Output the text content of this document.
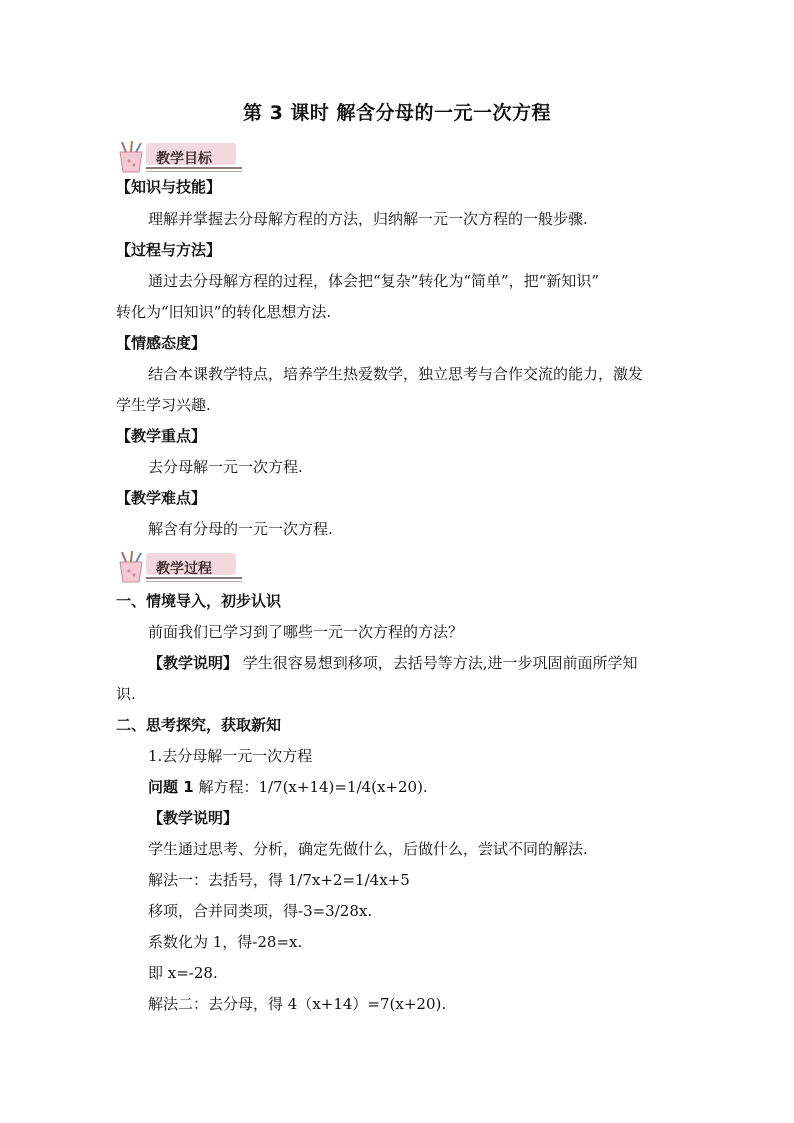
第 3 课时 解含分母的一元一次方程
教学目标
【知识与技能】
理解并掌握去分母解方程的方法，归纳解一元一次方程的一般步骤.
【过程与方法】
通过去分母解方程的过程，体会把“复杂”转化为“简单”，把“新知识”
转化为“旧知识”的转化思想方法.
【情感态度】
结合本课教学特点，培养学生热爱数学，独立思考与合作交流的能力，激发
学生学习兴趣.
【教学重点】
去分母解一元一次方程.
【教学难点】
解含有分母的一元一次方程.
教学过程
一、情境导入，初步认识
前面我们已学习到了哪些一元一次方程的方法？
【教学说明】 学生很容易想到移项，去括号等方法,进一步巩固前面所学知
识.
二、思考探究，获取新知
1.去分母解一元一次方程
问题 1 解方程：1/7(x+14)=1/4(x+20).
【教学说明】
学生通过思考、分析，确定先做什么，后做什么，尝试不同的解法.
解法一：去括号，得 1/7x+2=1/4x+5
移项，合并同类项，得-3=3/28x.
系数化为 1，得-28=x.
即 x=-28.
解法二：去分母，得 4（x+14）=7(x+20).
